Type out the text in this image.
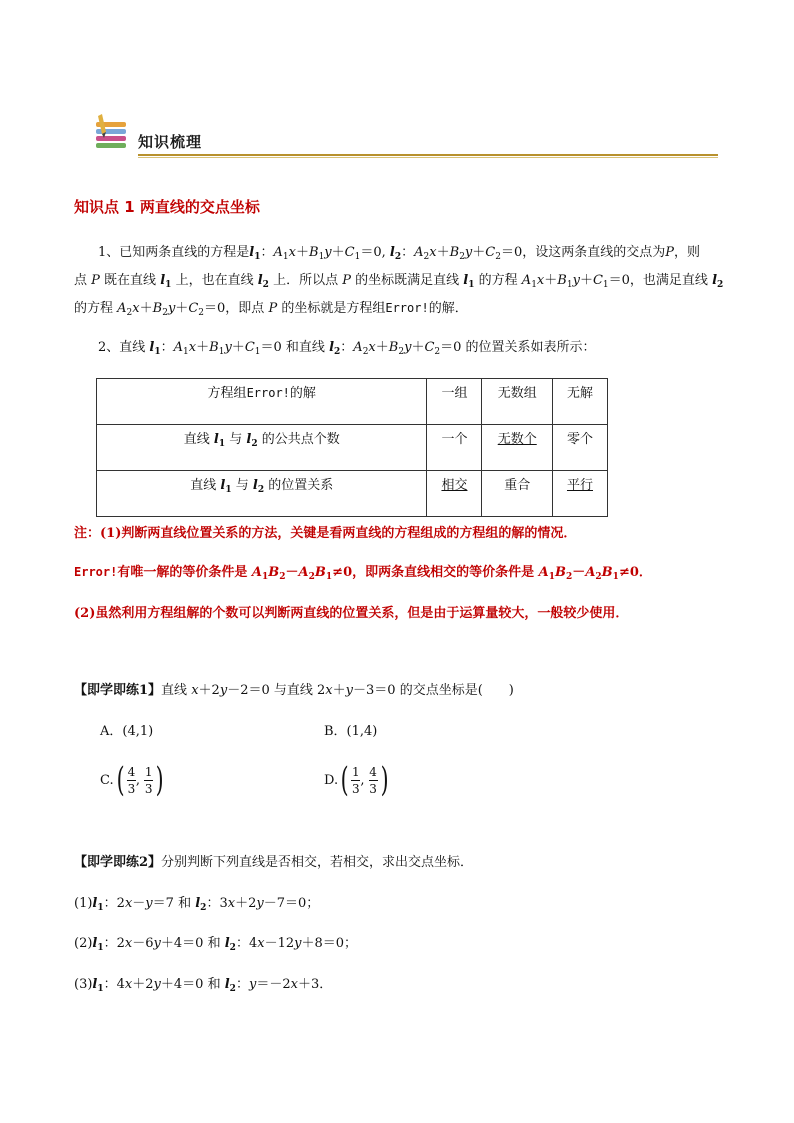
知识梳理
知识点 1 两直线的交点坐标
1、已知两条直线的方程是$l_1$：$A_1x+B_1y+C_1=0$, $l_2$：$A_2x+B_2y+C_2=0$，设这两条直线的交点为P，则
点 P 既在直线 $l_1$ 上，也在直线 $l_2$ 上．所以点 P 的坐标既满足直线 $l_1$ 的方程 $A_1x+B_1y+C_1=0$，也满足直线 $l_2$
的方程 $A_2x+B_2y+C_2=0$，即点 P 的坐标就是方程组Error!的解．
2、直线 $l_1$：$A_1x+B_1y+C_1=0$ 和直线 $l_2$：$A_2x+B_2y+C_2=0$ 的位置关系如表所示：
方程组Error!的解	一组	无数组	无解
直线 $l_1$ 与 $l_2$ 的公共点个数	一个	无数个	零个
直线 $l_1$ 与 $l_2$ 的位置关系	相交	重合	平行
注：(1)判断两直线位置关系的方法，关键是看两直线的方程组成的方程组的解的情况．
Error!有唯一解的等价条件是 $A_1B_2-A_2B_1\ne 0$，即两条直线相交的等价条件是 $A_1B_2-A_2B_1\ne 0$．
(2)虽然利用方程组解的个数可以判断两直线的位置关系，但是由于运算量较大，一般较少使用．
【即学即练1】直线 x＋2y－2＝0 与直线 2x＋y－3＝0 的交点坐标是(　　)
A．(4,1)	B．(1,4)
C. ( 4
3
,
1
3 )	D. ( 1
3
,
4
3 )
【即学即练2】分别判断下列直线是否相交，若相交，求出交点坐标．
$(1)l_1$：2x－y＝7 和 $l_2$：3x＋2y－7＝0；
$(2)l_1$：2x－6y＋4＝0 和 $l_2$：4x－12y＋8＝0；
$(3)l_1$：4x＋2y＋4＝0 和 $l_2$：y＝－2x＋3．
